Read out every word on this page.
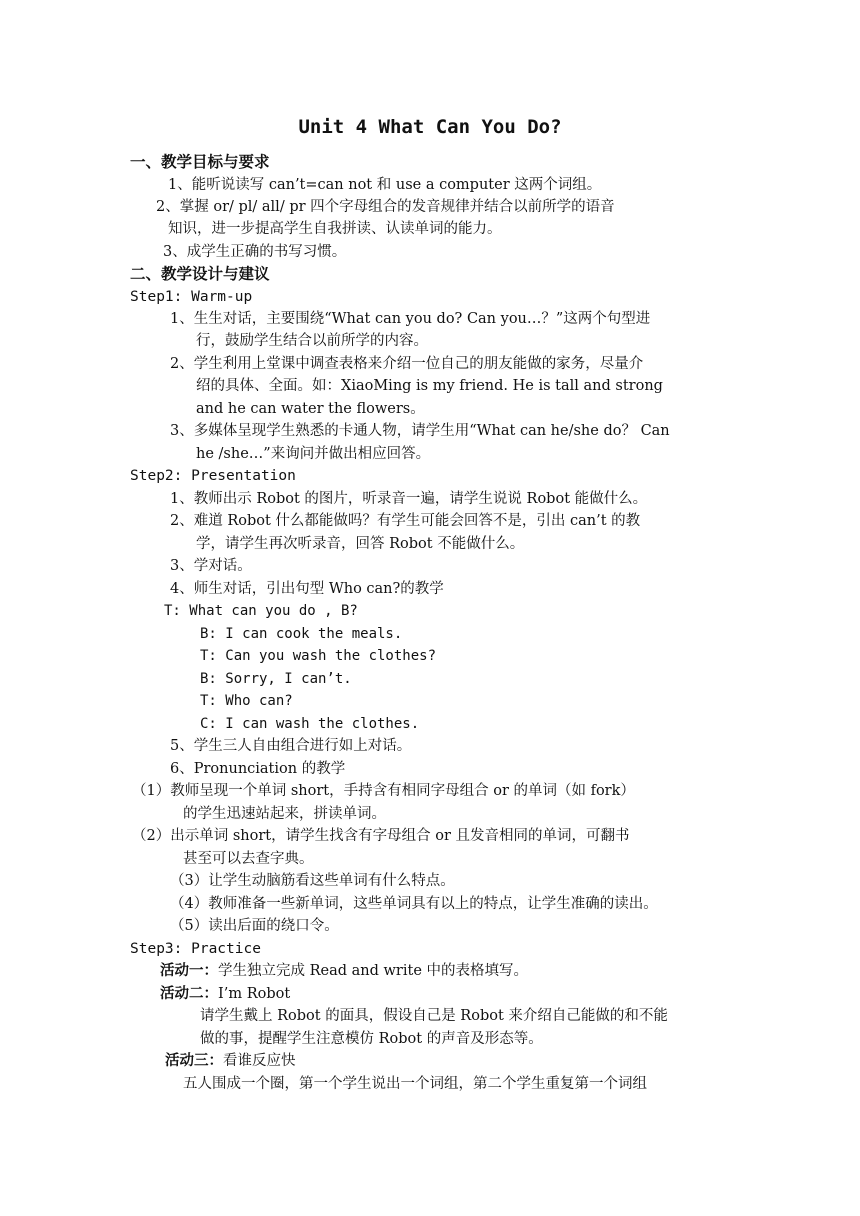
Unit 4 What Can You Do?
一、教学目标与要求
1、能听说读写 can’t=can not 和 use a computer 这两个词组。
2、掌握 or/ pl/ all/ pr 四个字母组合的发音规律并结合以前所学的语音
知识，进一步提高学生自我拼读、认读单词的能力。
3、成学生正确的书写习惯。
二、教学设计与建议
Step1: Warm-up
1、生生对话，主要围绕“What can you do? Can you…？”这两个句型进
行，鼓励学生结合以前所学的内容。
2、学生利用上堂课中调查表格来介绍一位自己的朋友能做的家务，尽量介
绍的具体、全面。如：XiaoMing is my friend. He is tall and strong
and he can water the flowers。
3、多媒体呈现学生熟悉的卡通人物，请学生用“What can he/she do？ Can
he /she…”来询问并做出相应回答。
Step2: Presentation
1、教师出示 Robot 的图片，听录音一遍，请学生说说 Robot 能做什么。
2、难道 Robot 什么都能做吗？有学生可能会回答不是，引出 can’t 的教
学，请学生再次听录音，回答 Robot 不能做什么。
3、学对话。
4、师生对话，引出句型 Who can?的教学
T: What can you do , B?
B: I can cook the meals.
T: Can you wash the clothes?
B: Sorry, I can’t.
T: Who can?
C: I can wash the clothes.
5、学生三人自由组合进行如上对话。
6、Pronunciation 的教学
（1）教师呈现一个单词 short，手持含有相同字母组合 or 的单词（如 fork）
的学生迅速站起来，拼读单词。
（2）出示单词 short，请学生找含有字母组合 or 且发音相同的单词，可翻书
甚至可以去查字典。
（3）让学生动脑筋看这些单词有什么特点。
（4）教师准备一些新单词，这些单词具有以上的特点，让学生准确的读出。
（5）读出后面的绕口令。
Step3: Practice
活动一：学生独立完成 Read and write 中的表格填写。
活动二：I’m Robot
请学生戴上 Robot 的面具，假设自己是 Robot 来介绍自己能做的和不能
做的事，提醒学生注意模仿 Robot 的声音及形态等。
活动三：看谁反应快
五人围成一个圈，第一个学生说出一个词组，第二个学生重复第一个词组
